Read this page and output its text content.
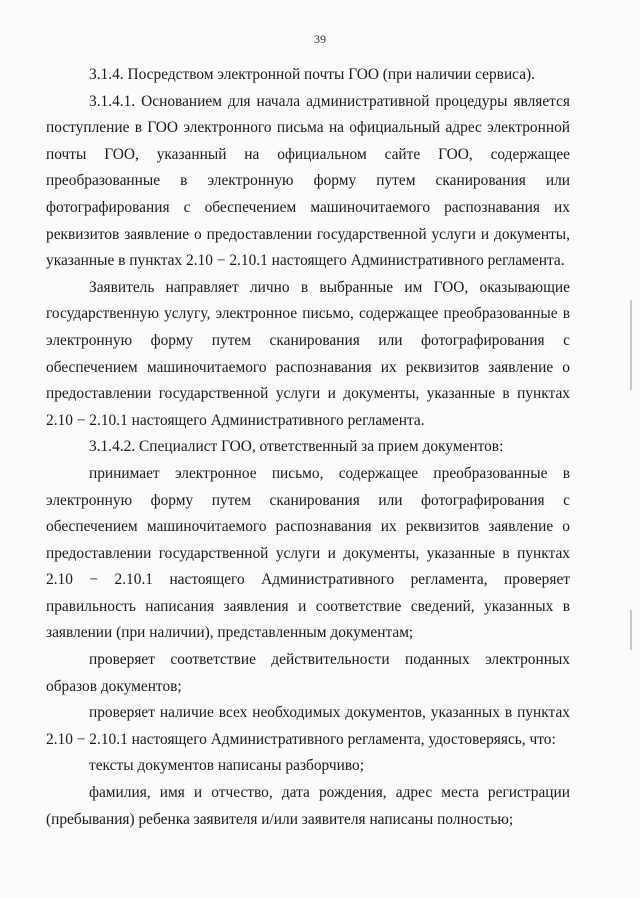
39

3.1.4. Посредством электронной почты ГОО (при наличии сервиса).

3.1.4.1. Основанием для начала административной процедуры является поступление в ГОО электронного письма на официальный адрес электронной почты ГОО, указанный на официальном сайте ГОО, содержащее преобразованные в электронную форму путем сканирования или фотографирования с обеспечением машиночитаемого распознавания их реквизитов заявление о предоставлении государственной услуги и документы, указанные в пунктах 2.10 − 2.10.1 настоящего Административного регламента.

Заявитель направляет лично в выбранные им ГОО, оказывающие государственную услугу, электронное письмо, содержащее преобразованные в электронную форму путем сканирования или фотографирования с обеспечением машиночитаемого распознавания их реквизитов заявление о предоставлении государственной услуги и документы, указанные в пунктах 2.10 − 2.10.1 настоящего Административного регламента.

3.1.4.2. Специалист ГОО, ответственный за прием документов:

принимает электронное письмо, содержащее преобразованные в электронную форму путем сканирования или фотографирования с обеспечением машиночитаемого распознавания их реквизитов заявление о предоставлении государственной услуги и документы, указанные в пунктах 2.10 − 2.10.1 настоящего Административного регламента, проверяет правильность написания заявления и соответствие сведений, указанных в заявлении (при наличии), представленным документам;

проверяет соответствие действительности поданных электронных образов документов;

проверяет наличие всех необходимых документов, указанных в пунктах 2.10 − 2.10.1 настоящего Административного регламента, удостоверяясь, что:

тексты документов написаны разборчиво;

фамилия, имя и отчество, дата рождения, адрес места регистрации (пребывания) ребенка заявителя и/или заявителя написаны полностью;
